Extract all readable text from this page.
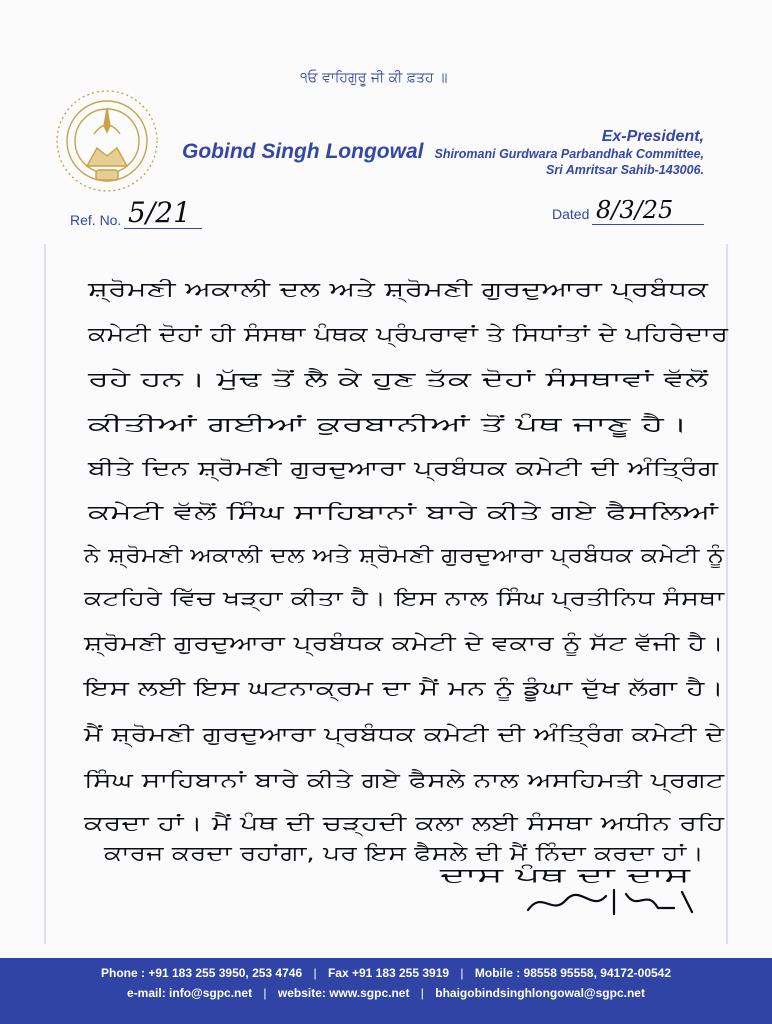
੧ਓ ਵਾਹਿਗੁਰੂ ਜੀ ਕੀ ਫ਼ਤਹ ॥
Gobind Singh Longowal
Ex-President,
Shiromani Gurdwara Parbandhak Committee,
Sri Amritsar Sahib-143006.
Ref. No. 5/21	Dated 8/3/25
ਸ਼੍ਰੋਮਣੀ ਅਕਾਲੀ ਦਲ ਅਤੇ ਸ਼੍ਰੋਮਣੀ ਗੁਰਦੁਆਰਾ ਪ੍ਰਬੰਧਕ
ਕਮੇਟੀ ਦੋਹਾਂ ਹੀ ਸੰਸਥਾ ਪੰਥਕ ਪ੍ਰੰਪਰਾਵਾਂ ਤੇ ਸਿਧਾਂਤਾਂ ਦੇ ਪਹਿਰੇਦਾਰ
ਰਹੇ ਹਨ। ਮੁੱਢ ਤੋਂ ਲੈ ਕੇ ਹੁਣ ਤੱਕ ਦੋਹਾਂ ਸੰਸਥਾਵਾਂ ਵੱਲੋਂ
ਕੀਤੀਆਂ ਗਈਆਂ ਕੁਰਬਾਨੀਆਂ ਤੋਂ ਪੰਥ ਜਾਣੂ ਹੈ।
ਬੀਤੇ ਦਿਨ ਸ਼੍ਰੋਮਣੀ ਗੁਰਦੁਆਰਾ ਪ੍ਰਬੰਧਕ ਕਮੇਟੀ ਦੀ ਅੰਤ੍ਰਿੰਗ
ਕਮੇਟੀ ਵੱਲੋਂ ਸਿੰਘ ਸਾਹਿਬਾਨਾਂ ਬਾਰੇ ਕੀਤੇ ਗਏ ਫੈਸਲਿਆਂ
ਨੇ ਸ਼੍ਰੋਮਣੀ ਅਕਾਲੀ ਦਲ ਅਤੇ ਸ਼੍ਰੋਮਣੀ ਗੁਰਦੁਆਰਾ ਪ੍ਰਬੰਧਕ ਕਮੇਟੀ ਨੂੰ
ਕਟਹਿਰੇ ਵਿੱਚ ਖੜ੍ਹਾ ਕੀਤਾ ਹੈ। ਇਸ ਨਾਲ ਸਿੰਘ ਪ੍ਰਤੀਨਿਧ ਸੰਸਥਾ
ਸ਼੍ਰੋਮਣੀ ਗੁਰਦੁਆਰਾ ਪ੍ਰਬੰਧਕ ਕਮੇਟੀ ਦੇ ਵਕਾਰ ਨੂੰ ਸੱਟ ਵੱਜੀ ਹੈ।
ਇਸ ਲਈ ਇਸ ਘਟਨਾਕ੍ਰਮ ਦਾ ਮੈਂ ਮਨ ਨੂੰ ਡੂੰਘਾ ਦੁੱਖ ਲੱਗਾ ਹੈ।
ਮੈਂ ਸ਼੍ਰੋਮਣੀ ਗੁਰਦੁਆਰਾ ਪ੍ਰਬੰਧਕ ਕਮੇਟੀ ਦੀ ਅੰਤ੍ਰਿੰਗ ਕਮੇਟੀ ਦੇ
ਸਿੰਘ ਸਾਹਿਬਾਨਾਂ ਬਾਰੇ ਕੀਤੇ ਗਏ ਫੈਸਲੇ ਨਾਲ ਅਸਹਿਮਤੀ ਪ੍ਰਗਟ
ਕਰਦਾ ਹਾਂ। ਮੈਂ ਪੰਥ ਦੀ ਚੜ੍ਹਦੀ ਕਲਾ ਲਈ ਸੰਸਥਾ ਅਧੀਨ ਰਹਿ
ਕਾਰਜ ਕਰਦਾ ਰਹਾਂਗਾ, ਪਰ ਇਸ ਫੈਸਲੇ ਦੀ ਮੈਂ ਨਿੰਦਾ ਕਰਦਾ ਹਾਂ।
ਦਾਸ ਪੰਥ ਦਾ ਦਾਸ
Phone : +91 183 255 3950, 253 4746 | Fax +91 183 255 3919 | Mobile : 98558 95558, 94172-00542
e-mail: info@sgpc.net | website: www.sgpc.net | bhaigobindsinghlongowal@sgpc.net
